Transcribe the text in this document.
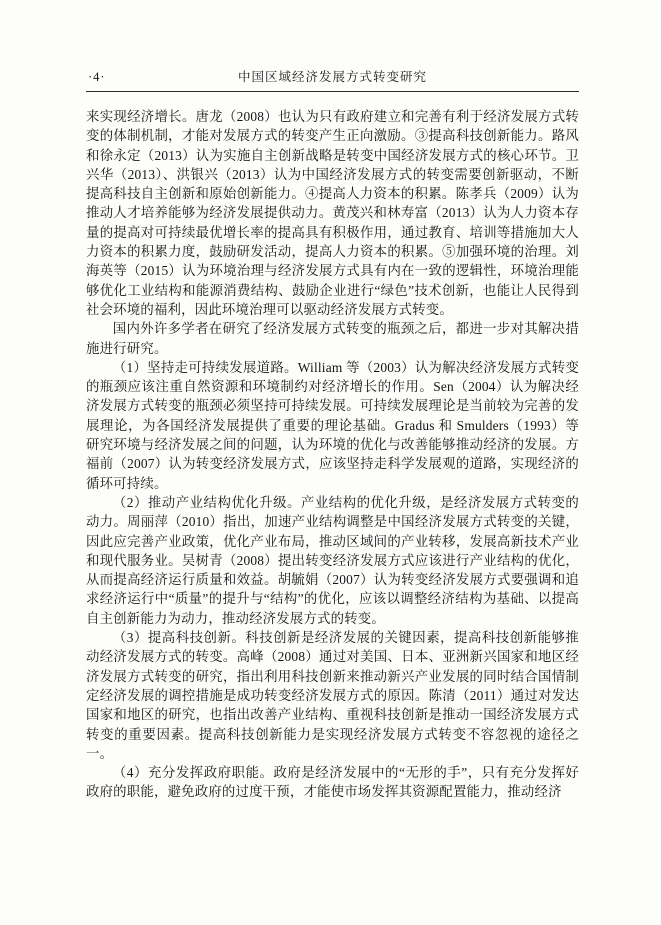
·4·	中国区域经济发展方式转变研究

来实现经济增长。唐龙（2008）也认为只有政府建立和完善有利于经济发展方式转变的体制机制，才能对发展方式的转变产生正向激励。③提高科技创新能力。路风和徐永定（2013）认为实施自主创新战略是转变中国经济发展方式的核心环节。卫兴华（2013）、洪银兴（2013）认为中国经济发展方式的转变需要创新驱动，不断提高科技自主创新和原始创新能力。④提高人力资本的积累。陈孝兵（2009）认为推动人才培养能够为经济发展提供动力。黄茂兴和林寿富（2013）认为人力资本存量的提高对可持续最优增长率的提高具有积极作用，通过教育、培训等措施加大人力资本的积累力度，鼓励研发活动，提高人力资本的积累。⑤加强环境的治理。刘海英等（2015）认为环境治理与经济发展方式具有内在一致的逻辑性，环境治理能够优化工业结构和能源消费结构、鼓励企业进行“绿色”技术创新，也能让人民得到社会环境的福利，因此环境治理可以驱动经济发展方式转变。

国内外许多学者在研究了经济发展方式转变的瓶颈之后，都进一步对其解决措施进行研究。

（1）坚持走可持续发展道路。William 等（2003）认为解决经济发展方式转变的瓶颈应该注重自然资源和环境制约对经济增长的作用。Sen（2004）认为解决经济发展方式转变的瓶颈必须坚持可持续发展。可持续发展理论是当前较为完善的发展理论，为各国经济发展提供了重要的理论基础。Gradus 和 Smulders（1993）等研究环境与经济发展之间的问题，认为环境的优化与改善能够推动经济的发展。方福前（2007）认为转变经济发展方式，应该坚持走科学发展观的道路，实现经济的循环可持续。

（2）推动产业结构优化升级。产业结构的优化升级，是经济发展方式转变的动力。周丽萍（2010）指出，加速产业结构调整是中国经济发展方式转变的关键，因此应完善产业政策，优化产业布局，推动区域间的产业转移，发展高新技术产业和现代服务业。吴树青（2008）提出转变经济发展方式应该进行产业结构的优化，从而提高经济运行质量和效益。胡毓娟（2007）认为转变经济发展方式要强调和追求经济运行中“质量”的提升与“结构”的优化，应该以调整经济结构为基础、以提高自主创新能力为动力，推动经济发展方式的转变。

（3）提高科技创新。科技创新是经济发展的关键因素，提高科技创新能够推动经济发展方式的转变。高峰（2008）通过对美国、日本、亚洲新兴国家和地区经济发展方式转变的研究，指出利用科技创新来推动新兴产业发展的同时结合国情制定经济发展的调控措施是成功转变经济发展方式的原因。陈清（2011）通过对发达国家和地区的研究，也指出改善产业结构、重视科技创新是推动一国经济发展方式转变的重要因素。提高科技创新能力是实现经济发展方式转变不容忽视的途径之一。

（4）充分发挥政府职能。政府是经济发展中的“无形的手”，只有充分发挥好政府的职能，避免政府的过度干预，才能使市场发挥其资源配置能力，推动经济
